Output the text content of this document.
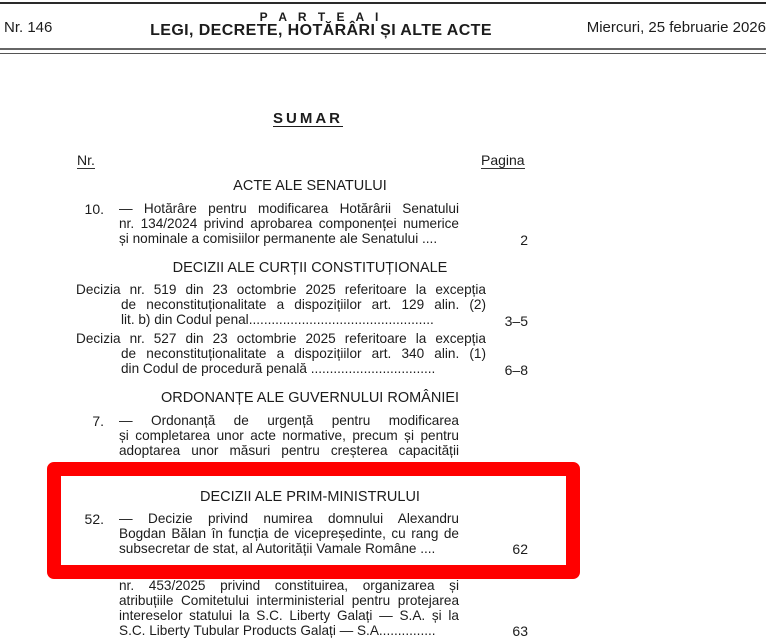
Nr. 146
P A R T E A I
LEGI, DECRETE, HOTĂRÂRI ȘI ALTE ACTE	Miercuri, 25 februarie 2026
SUMAR
Nr.	Pagina
ACTE ALE SENATULUI
10. — Hotărâre pentru modificarea Hotărârii Senatului
nr. 134/2024 privind aprobarea componenței numerice
și nominale a comisiilor permanente ale Senatului ....	2
DECIZII ALE CURȚII CONSTITUȚIONALE
Decizia nr. 519 din 23 octombrie 2025 referitoare la excepția
de neconstituționalitate a dispozițiilor art. 129 alin. (2)
lit. b) din Codul penal.................................................	3–5
Decizia nr. 527 din 23 octombrie 2025 referitoare la excepția
de neconstituționalitate a dispozițiilor art. 340 alin. (1)
din Codul de procedură penală .................................	6–8
ORDONANȚE ALE GUVERNULUI ROMÂNIEI
7. — Ordonanță de urgență pentru modificarea
și completarea unor acte normative, precum și pentru
adoptarea unor măsuri pentru creșterea capacității
DECIZII ALE PRIM-MINISTRULUI
52. — Decizie privind numirea domnului Alexandru
Bogdan Bălan în funcția de vicepreședinte, cu rang de
subsecretar de stat, al Autorității Vamale Române ....	62
53. — Decizie pentru modificarea Deciziei prim-ministrului
nr. 453/2025 privind constituirea, organizarea și
atribuțiile Comitetului interministerial pentru protejarea
intereselor statului la S.C. Liberty Galați — S.A. și la
S.C. Liberty Tubular Products Galați — S.A...............	63
